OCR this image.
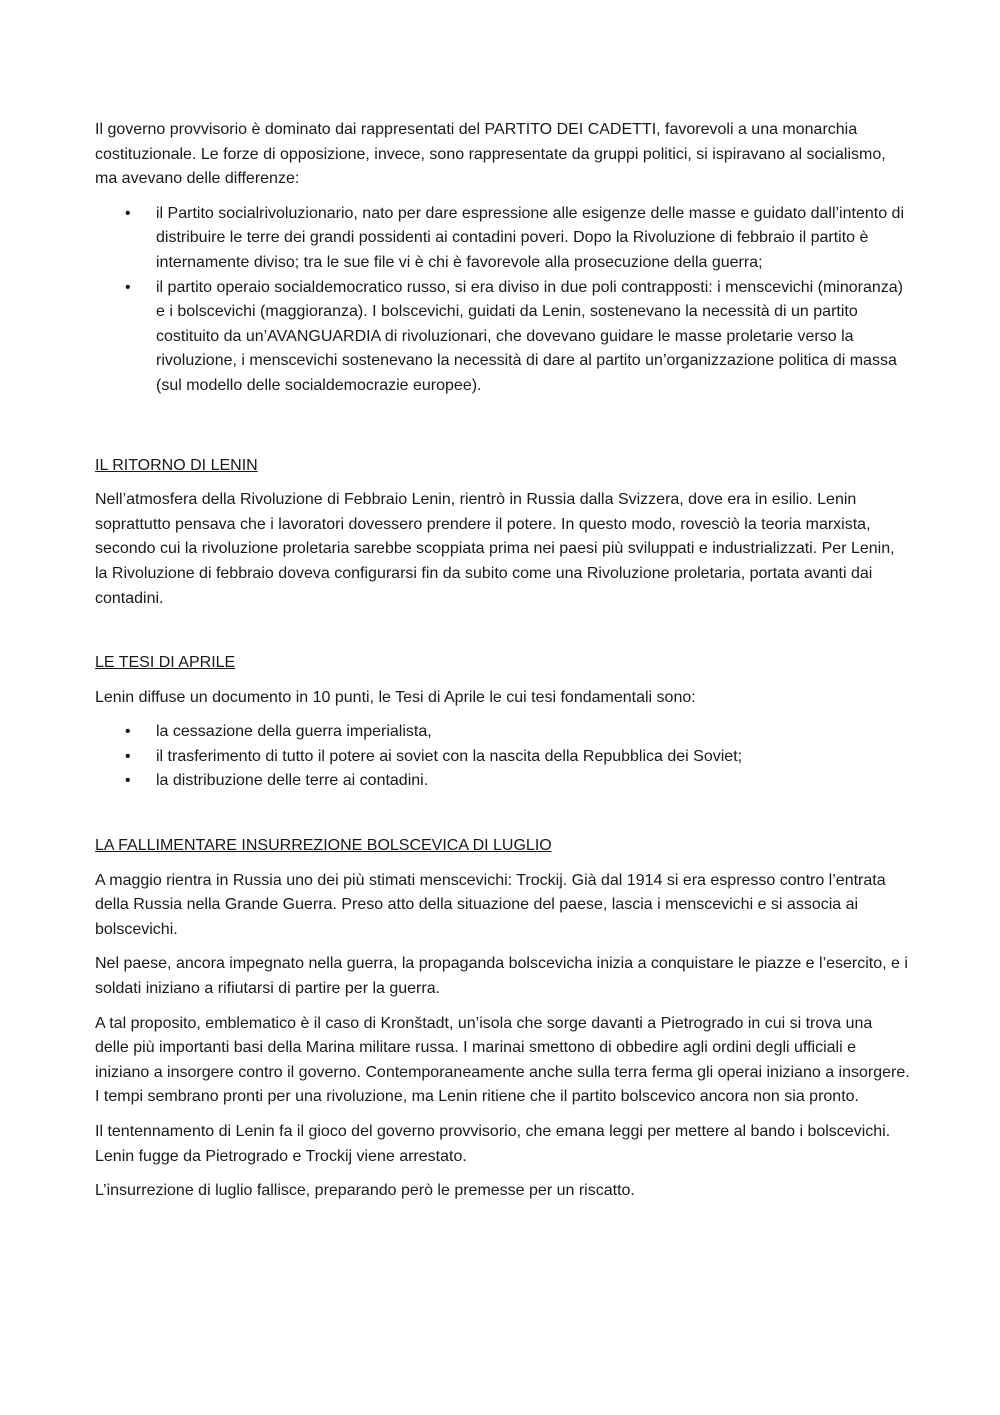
Il governo provvisorio è dominato dai rappresentati del PARTITO DEI CADETTI, favorevoli a una monarchia costituzionale. Le forze di opposizione, invece, sono rappresentate da gruppi politici, si ispiravano al socialismo, ma avevano delle differenze:

• il Partito socialrivoluzionario, nato per dare espressione alle esigenze delle masse e guidato dall’intento di distribuire le terre dei grandi possidenti ai contadini poveri. Dopo la Rivoluzione di febbraio il partito è internamente diviso; tra le sue file vi è chi è favorevole alla prosecuzione della guerra;
• il partito operaio socialdemocratico russo, si era diviso in due poli contrapposti: i menscevichi (minoranza) e i bolscevichi (maggioranza). I bolscevichi, guidati da Lenin, sostenevano la necessità di un partito costituito da un’AVANGUARDIA di rivoluzionari, che dovevano guidare le masse proletarie verso la rivoluzione, i menscevichi sostenevano la necessità di dare al partito un’organizzazione politica di massa (sul modello delle socialdemocrazie europee).
IL RITORNO DI LENIN

Nell’atmosfera della Rivoluzione di Febbraio Lenin, rientrò in Russia dalla Svizzera, dove era in esilio. Lenin soprattutto pensava che i lavoratori dovessero prendere il potere. In questo modo, rovesciò la teoria marxista, secondo cui la rivoluzione proletaria sarebbe scoppiata prima nei paesi più sviluppati e industrializzati. Per Lenin, la Rivoluzione di febbraio doveva configurarsi fin da subito come una Rivoluzione proletaria, portata avanti dai contadini.

LE TESI DI APRILE

Lenin diffuse un documento in 10 punti, le Tesi di Aprile le cui tesi fondamentali sono:

• la cessazione della guerra imperialista,
• il trasferimento di tutto il potere ai soviet con la nascita della Repubblica dei Soviet;
• la distribuzione delle terre ai contadini.
LA FALLIMENTARE INSURREZIONE BOLSCEVICA DI LUGLIO

A maggio rientra in Russia uno dei più stimati menscevichi: Trockij. Già dal 1914 si era espresso contro l’entrata della Russia nella Grande Guerra. Preso atto della situazione del paese, lascia i menscevichi e si associa ai bolscevichi.

Nel paese, ancora impegnato nella guerra, la propaganda bolscevicha inizia a conquistare le piazze e l’esercito, e i soldati iniziano a rifiutarsi di partire per la guerra.

A tal proposito, emblematico è il caso di Kronštadt, un’isola che sorge davanti a Pietrogrado in cui si trova una delle più importanti basi della Marina militare russa. I marinai smettono di obbedire agli ordini degli ufficiali e iniziano a insorgere contro il governo. Contemporaneamente anche sulla terra ferma gli operai iniziano a insorgere. I tempi sembrano pronti per una rivoluzione, ma Lenin ritiene che il partito bolscevico ancora non sia pronto.

Il tentennamento di Lenin fa il gioco del governo provvisorio, che emana leggi per mettere al bando i bolscevichi. Lenin fugge da Pietrogrado e Trockij viene arrestato.

L’insurrezione di luglio fallisce, preparando però le premesse per un riscatto.
